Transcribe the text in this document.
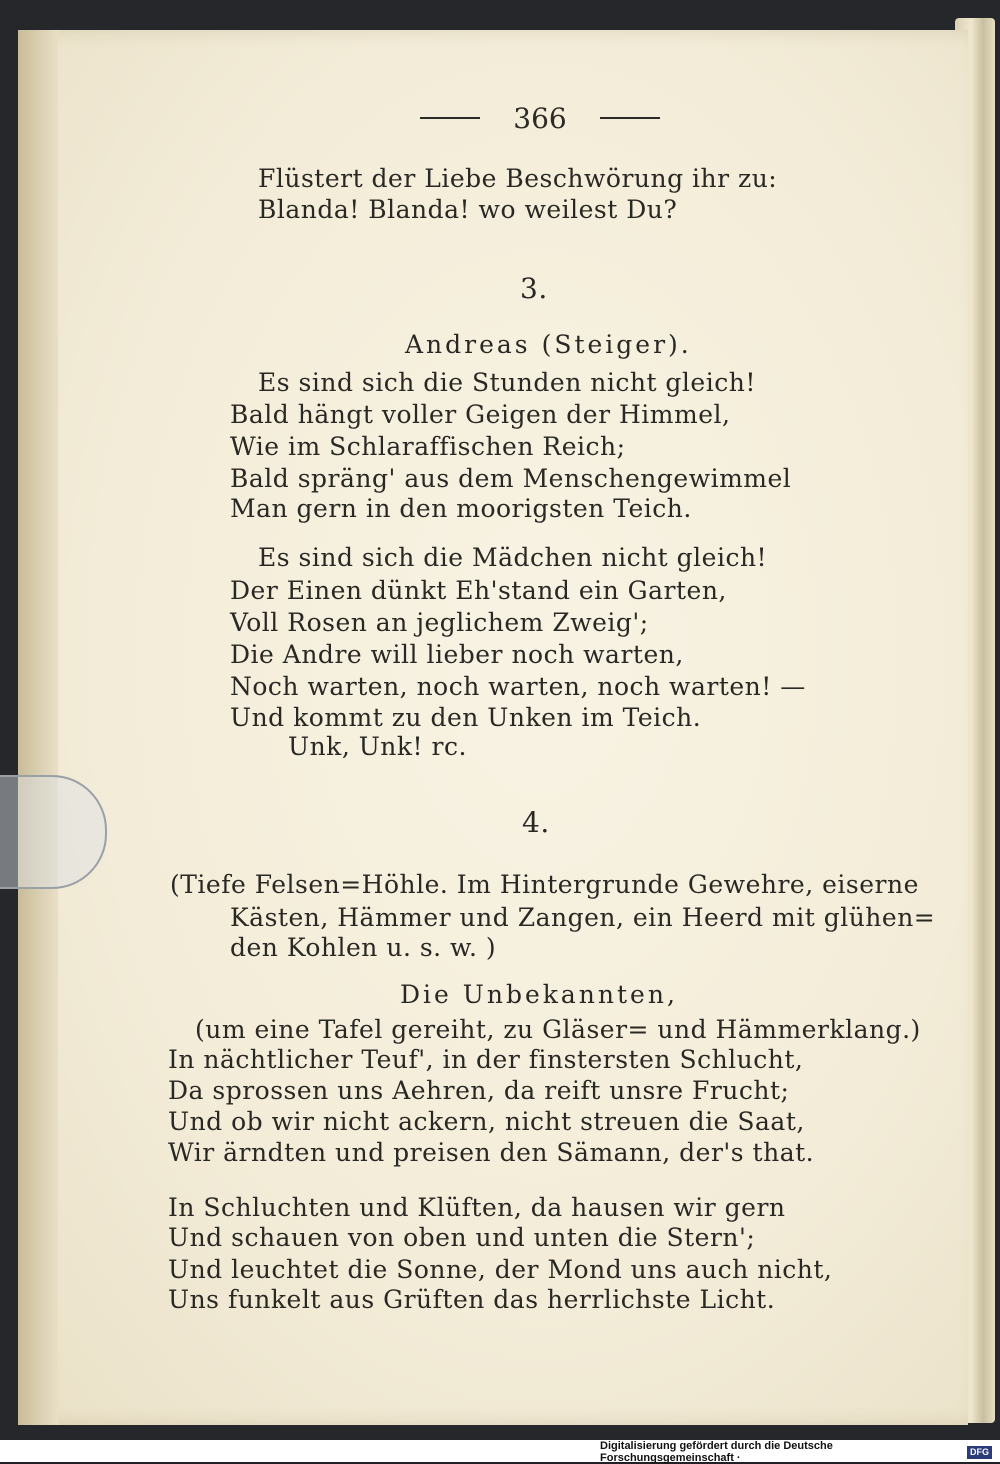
366

Flüstert der Liebe Beschwörung ihr zu:

Blanda! Blanda! wo weilest Du?

3.

Andreas (Steiger).

Es sind sich die Stunden nicht gleich!

Bald hängt voller Geigen der Himmel,

Wie im Schlaraffischen Reich;

Bald spräng' aus dem Menschengewimmel

Man gern in den moorigsten Teich.

Es sind sich die Mädchen nicht gleich!

Der Einen dünkt Eh'stand ein Garten,

Voll Rosen an jeglichem Zweig';

Die Andre will lieber noch warten,

Noch warten, noch warten, noch warten! —

Und kommt zu den Unken im Teich.

Unk, Unk! rc.

4.

(Tiefe Felsen=Höhle. Im Hintergrunde Gewehre, eiserne

Kästen, Hämmer und Zangen, ein Heerd mit glühen=

den Kohlen u. s. w. )

Die Unbekannten,

(um eine Tafel gereiht, zu Gläser= und Hämmerklang.)

In nächtlicher Teuf', in der finstersten Schlucht,

Da sprossen uns Aehren, da reift unsre Frucht;

Und ob wir nicht ackern, nicht streuen die Saat,

Wir ärndten und preisen den Sämann, der's that.

In Schluchten und Klüften, da hausen wir gern

Und schauen von oben und unten die Stern';

Und leuchtet die Sonne, der Mond uns auch nicht,

Uns funkelt aus Grüften das herrlichste Licht.

Digitalisierung gefördert durch die Deutsche Forschungsgemeinschaft ·
DFG
